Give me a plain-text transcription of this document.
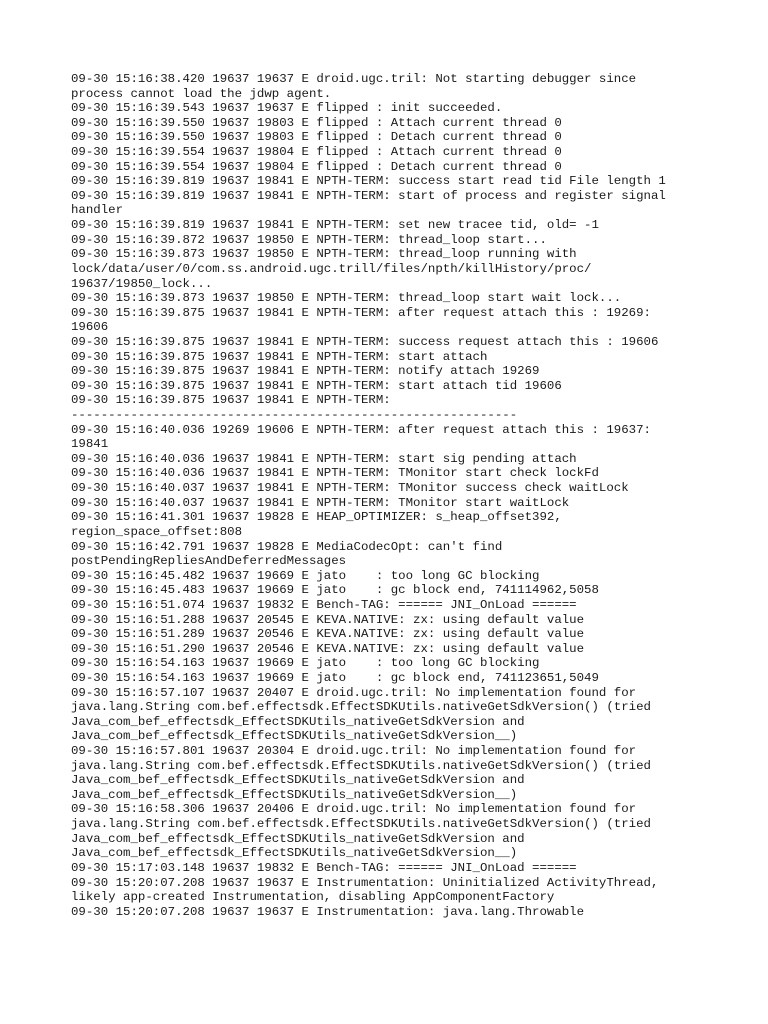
09-30 15:16:38.420 19637 19637 E droid.ugc.tril: Not starting debugger since
process cannot load the jdwp agent.
09-30 15:16:39.543 19637 19637 E flipped : init succeeded.
09-30 15:16:39.550 19637 19803 E flipped : Attach current thread 0
09-30 15:16:39.550 19637 19803 E flipped : Detach current thread 0
09-30 15:16:39.554 19637 19804 E flipped : Attach current thread 0
09-30 15:16:39.554 19637 19804 E flipped : Detach current thread 0
09-30 15:16:39.819 19637 19841 E NPTH-TERM: success start read tid File length 1
09-30 15:16:39.819 19637 19841 E NPTH-TERM: start of process and register signal
handler
09-30 15:16:39.819 19637 19841 E NPTH-TERM: set new tracee tid, old= -1
09-30 15:16:39.872 19637 19850 E NPTH-TERM: thread_loop start...
09-30 15:16:39.873 19637 19850 E NPTH-TERM: thread_loop running with
lock/data/user/0/com.ss.android.ugc.trill/files/npth/killHistory/proc/
19637/19850_lock...
09-30 15:16:39.873 19637 19850 E NPTH-TERM: thread_loop start wait lock...
09-30 15:16:39.875 19637 19841 E NPTH-TERM: after request attach this : 19269:
19606
09-30 15:16:39.875 19637 19841 E NPTH-TERM: success request attach this : 19606
09-30 15:16:39.875 19637 19841 E NPTH-TERM: start attach
09-30 15:16:39.875 19637 19841 E NPTH-TERM: notify attach 19269
09-30 15:16:39.875 19637 19841 E NPTH-TERM: start attach tid 19606
09-30 15:16:39.875 19637 19841 E NPTH-TERM:
------------------------------------------------------------
09-30 15:16:40.036 19269 19606 E NPTH-TERM: after request attach this : 19637:
19841
09-30 15:16:40.036 19637 19841 E NPTH-TERM: start sig pending attach
09-30 15:16:40.036 19637 19841 E NPTH-TERM: TMonitor start check lockFd
09-30 15:16:40.037 19637 19841 E NPTH-TERM: TMonitor success check waitLock
09-30 15:16:40.037 19637 19841 E NPTH-TERM: TMonitor start waitLock
09-30 15:16:41.301 19637 19828 E HEAP_OPTIMIZER: s_heap_offset392,
region_space_offset:808
09-30 15:16:42.791 19637 19828 E MediaCodecOpt: can't find
postPendingRepliesAndDeferredMessages
09-30 15:16:45.482 19637 19669 E jato    : too long GC blocking
09-30 15:16:45.483 19637 19669 E jato    : gc block end, 741114962,5058
09-30 15:16:51.074 19637 19832 E Bench-TAG: ====== JNI_OnLoad ======
09-30 15:16:51.288 19637 20545 E KEVA.NATIVE: zx: using default value
09-30 15:16:51.289 19637 20546 E KEVA.NATIVE: zx: using default value
09-30 15:16:51.290 19637 20546 E KEVA.NATIVE: zx: using default value
09-30 15:16:54.163 19637 19669 E jato    : too long GC blocking
09-30 15:16:54.163 19637 19669 E jato    : gc block end, 741123651,5049
09-30 15:16:57.107 19637 20407 E droid.ugc.tril: No implementation found for
java.lang.String com.bef.effectsdk.EffectSDKUtils.nativeGetSdkVersion() (tried
Java_com_bef_effectsdk_EffectSDKUtils_nativeGetSdkVersion and
Java_com_bef_effectsdk_EffectSDKUtils_nativeGetSdkVersion__)
09-30 15:16:57.801 19637 20304 E droid.ugc.tril: No implementation found for
java.lang.String com.bef.effectsdk.EffectSDKUtils.nativeGetSdkVersion() (tried
Java_com_bef_effectsdk_EffectSDKUtils_nativeGetSdkVersion and
Java_com_bef_effectsdk_EffectSDKUtils_nativeGetSdkVersion__)
09-30 15:16:58.306 19637 20406 E droid.ugc.tril: No implementation found for
java.lang.String com.bef.effectsdk.EffectSDKUtils.nativeGetSdkVersion() (tried
Java_com_bef_effectsdk_EffectSDKUtils_nativeGetSdkVersion and
Java_com_bef_effectsdk_EffectSDKUtils_nativeGetSdkVersion__)
09-30 15:17:03.148 19637 19832 E Bench-TAG: ====== JNI_OnLoad ======
09-30 15:20:07.208 19637 19637 E Instrumentation: Uninitialized ActivityThread,
likely app-created Instrumentation, disabling AppComponentFactory
09-30 15:20:07.208 19637 19637 E Instrumentation: java.lang.Throwable
